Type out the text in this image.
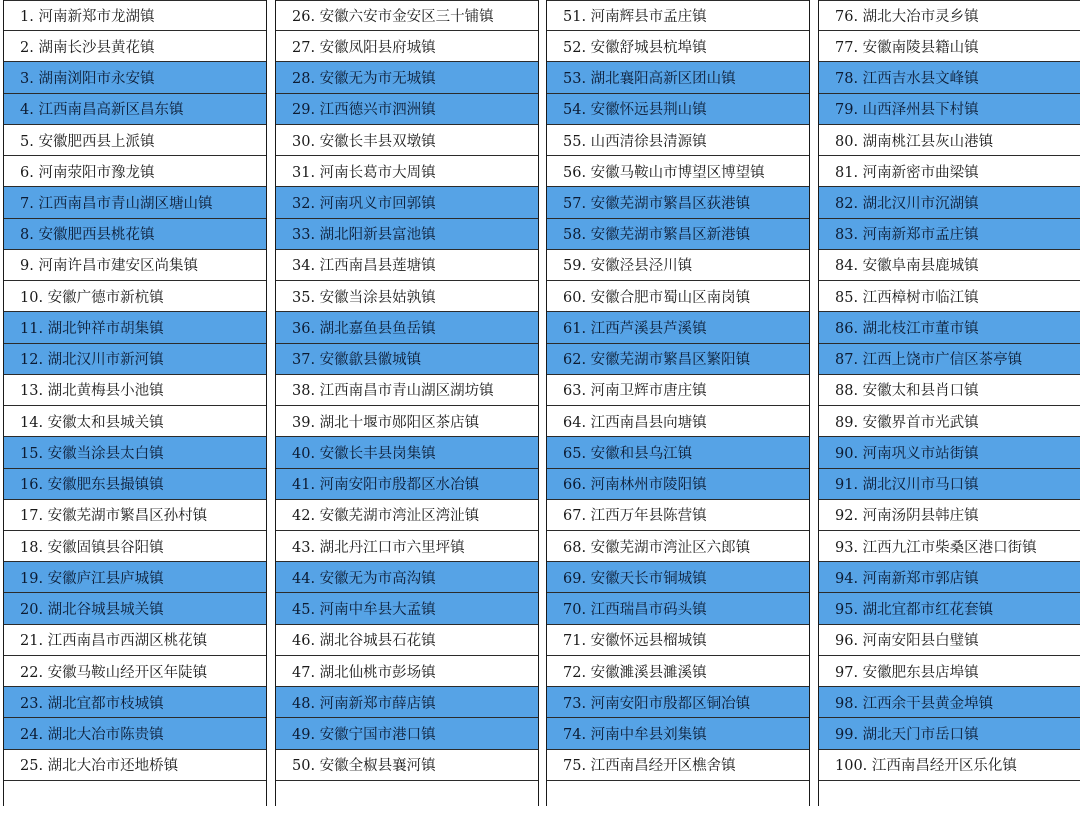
1. 河南新郑市龙湖镇
2. 湖南长沙县黄花镇
3. 湖南浏阳市永安镇
4. 江西南昌高新区昌东镇
5. 安徽肥西县上派镇
6. 河南荥阳市豫龙镇
7. 江西南昌市青山湖区塘山镇
8. 安徽肥西县桃花镇
9. 河南许昌市建安区尚集镇
10. 安徽广德市新杭镇
11. 湖北钟祥市胡集镇
12. 湖北汉川市新河镇
13. 湖北黄梅县小池镇
14. 安徽太和县城关镇
15. 安徽当涂县太白镇
16. 安徽肥东县撮镇镇
17. 安徽芜湖市繁昌区孙村镇
18. 安徽固镇县谷阳镇
19. 安徽庐江县庐城镇
20. 湖北谷城县城关镇
21. 江西南昌市西湖区桃花镇
22. 安徽马鞍山经开区年陡镇
23. 湖北宜都市枝城镇
24. 湖北大冶市陈贵镇
25. 湖北大冶市还地桥镇
26. 安徽六安市金安区三十铺镇
27. 安徽凤阳县府城镇
28. 安徽无为市无城镇
29. 江西德兴市泗洲镇
30. 安徽长丰县双墩镇
31. 河南长葛市大周镇
32. 河南巩义市回郭镇
33. 湖北阳新县富池镇
34. 江西南昌县莲塘镇
35. 安徽当涂县姑孰镇
36. 湖北嘉鱼县鱼岳镇
37. 安徽歙县徽城镇
38. 江西南昌市青山湖区湖坊镇
39. 湖北十堰市郧阳区茶店镇
40. 安徽长丰县岗集镇
41. 河南安阳市殷都区水冶镇
42. 安徽芜湖市湾沚区湾沚镇
43. 湖北丹江口市六里坪镇
44. 安徽无为市高沟镇
45. 河南中牟县大孟镇
46. 湖北谷城县石花镇
47. 湖北仙桃市彭场镇
48. 河南新郑市薛店镇
49. 安徽宁国市港口镇
50. 安徽全椒县襄河镇
51. 河南辉县市孟庄镇
52. 安徽舒城县杭埠镇
53. 湖北襄阳高新区团山镇
54. 安徽怀远县荆山镇
55. 山西清徐县清源镇
56. 安徽马鞍山市博望区博望镇
57. 安徽芜湖市繁昌区荻港镇
58. 安徽芜湖市繁昌区新港镇
59. 安徽泾县泾川镇
60. 安徽合肥市蜀山区南岗镇
61. 江西芦溪县芦溪镇
62. 安徽芜湖市繁昌区繁阳镇
63. 河南卫辉市唐庄镇
64. 江西南昌县向塘镇
65. 安徽和县乌江镇
66. 河南林州市陵阳镇
67. 江西万年县陈营镇
68. 安徽芜湖市湾沚区六郎镇
69. 安徽天长市铜城镇
70. 江西瑞昌市码头镇
71. 安徽怀远县榴城镇
72. 安徽濉溪县濉溪镇
73. 河南安阳市殷都区铜冶镇
74. 河南中牟县刘集镇
75. 江西南昌经开区樵舍镇
76. 湖北大冶市灵乡镇
77. 安徽南陵县籍山镇
78. 江西吉水县文峰镇
79. 山西泽州县下村镇
80. 湖南桃江县灰山港镇
81. 河南新密市曲梁镇
82. 湖北汉川市沉湖镇
83. 河南新郑市孟庄镇
84. 安徽阜南县鹿城镇
85. 江西樟树市临江镇
86. 湖北枝江市董市镇
87. 江西上饶市广信区茶亭镇
88. 安徽太和县肖口镇
89. 安徽界首市光武镇
90. 河南巩义市站街镇
91. 湖北汉川市马口镇
92. 河南汤阴县韩庄镇
93. 江西九江市柴桑区港口街镇
94. 河南新郑市郭店镇
95. 湖北宜都市红花套镇
96. 河南安阳县白璧镇
97. 安徽肥东县店埠镇
98. 江西余干县黄金埠镇
99. 湖北天门市岳口镇
100. 江西南昌经开区乐化镇
